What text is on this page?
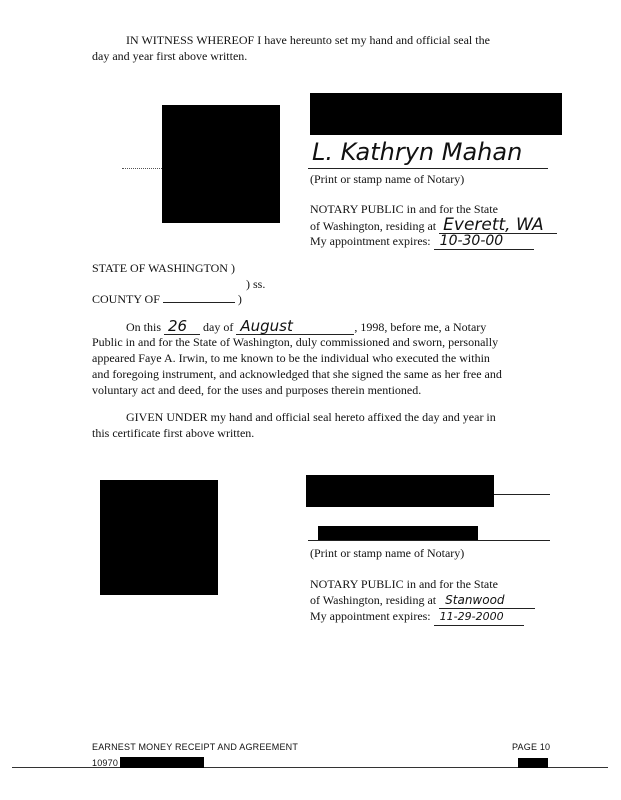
IN WITNESS WHEREOF I have hereunto set my hand and official seal the
day and year first above written.
L. Kathryn Mahan
(Print or stamp name of Notary)
NOTARY PUBLIC in and for the State
of Washington, residing at Everett, WA
My appointment expires: 10-30-00
STATE OF WASHINGTON )
) ss.
COUNTY OF	)
On this 26 day of August	, 1998, before me, a Notary
Public in and for the State of Washington, duly commissioned and sworn, personally
appeared Faye A. Irwin, to me known to be the individual who executed the within
and foregoing instrument, and acknowledged that she signed the same as her free and
voluntary act and deed, for the uses and purposes therein mentioned.
GIVEN UNDER my hand and official seal hereto affixed the day and year in
this certificate first above written.
(Print or stamp name of Notary)
NOTARY PUBLIC in and for the State
of Washington, residing at Stanwood
My appointment expires: 11-29-2000
EARNEST MONEY RECEIPT AND AGREEMENT	PAGE 10
10970
